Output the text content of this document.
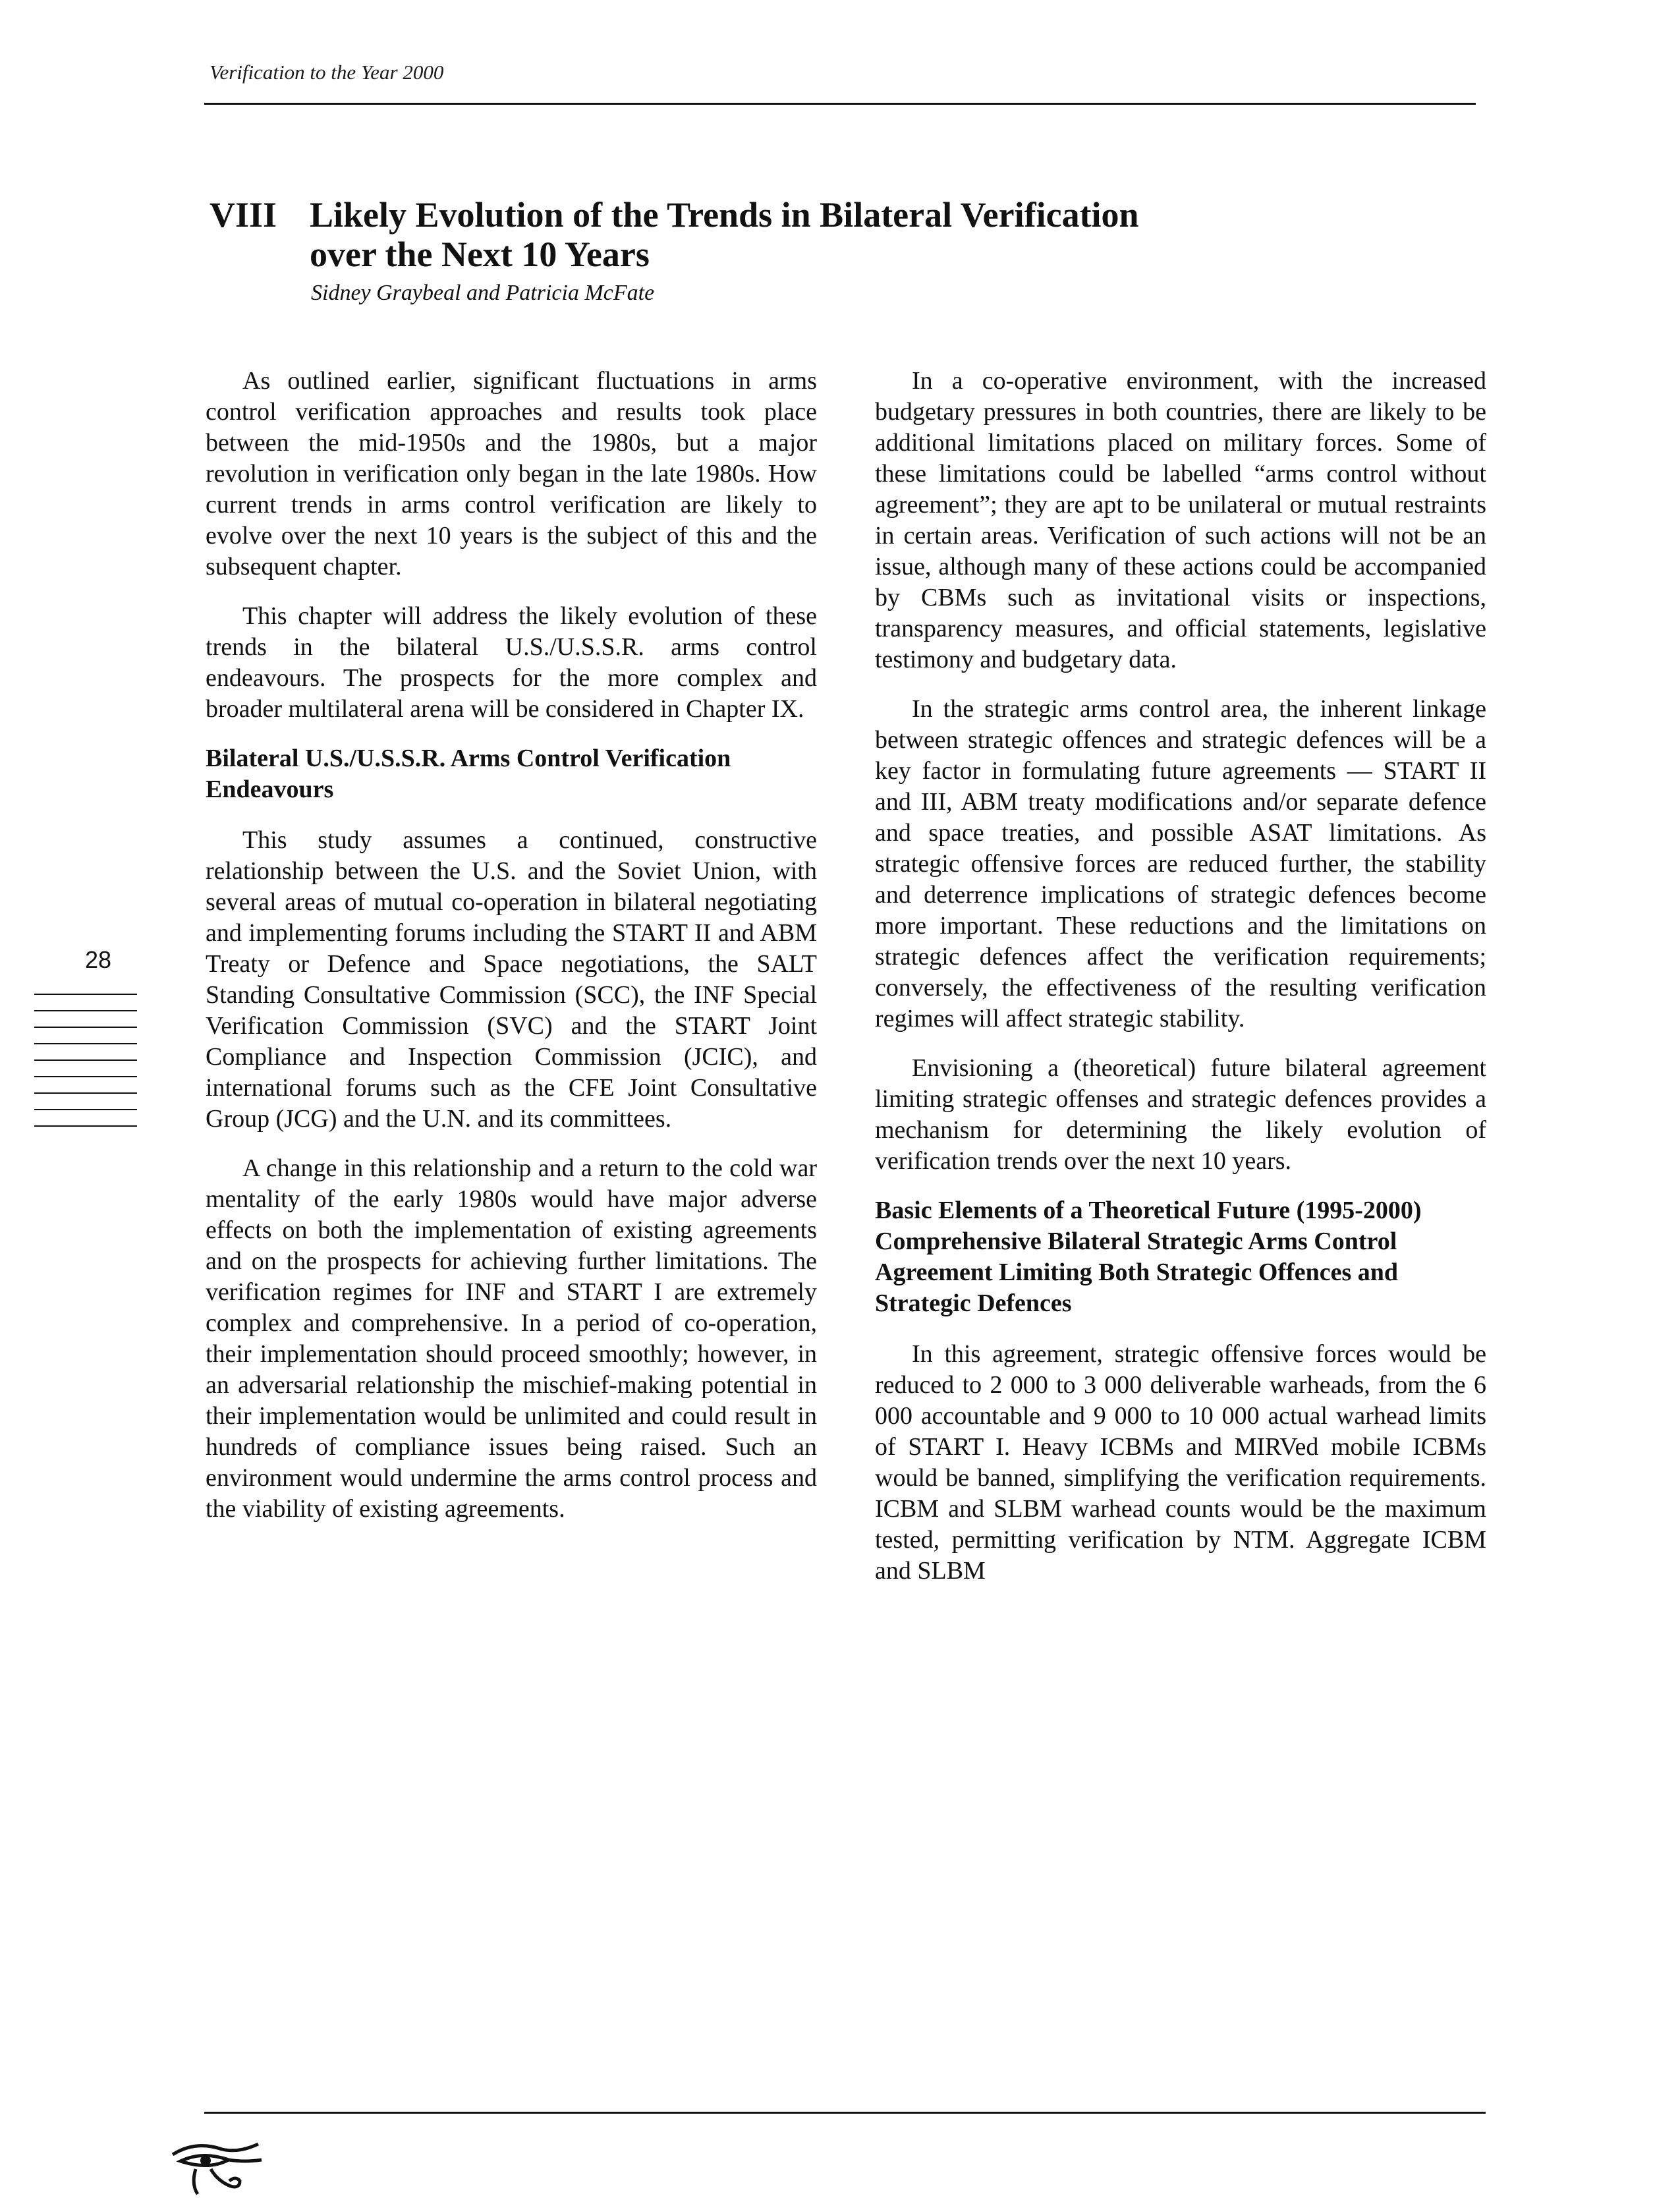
Verification to the Year 2000
VIII Likely Evolution of the Trends in Bilateral Verification
over the Next 10 Years
Sidney Graybeal and Patricia McFate

As outlined earlier, significant fluctuations in arms control verification approaches and results took place between the mid-1950s and the 1980s, but a major revolution in verification only began in the late 1980s. How current trends in arms control verification are likely to evolve over the next 10 years is the subject of this and the subsequent chapter.

This chapter will address the likely evolution of these trends in the bilateral U.S./U.S.S.R. arms control endeavours. The prospects for the more complex and broader multilateral arena will be considered in Chapter IX.

Bilateral U.S./U.S.S.R. Arms Control Verification Endeavours

This study assumes a continued, constructive relationship between the U.S. and the Soviet Union, with several areas of mutual co-operation in bilateral negotiating and implementing forums including the START II and ABM Treaty or Defence and Space negotiations, the SALT Standing Consultative Commission (SCC), the INF Special Verification Commission (SVC) and the START Joint Compliance and Inspection Commission (JCIC), and international forums such as the CFE Joint Consultative Group (JCG) and the U.N. and its committees.

A change in this relationship and a return to the cold war mentality of the early 1980s would have major adverse effects on both the implementation of existing agreements and on the prospects for achieving further limitations. The verification regimes for INF and START I are extremely complex and comprehensive. In a period of co-operation, their implementation should proceed smoothly; however, in an adversarial relationship the mischief-making potential in their implementation would be unlimited and could result in hundreds of compliance issues being raised. Such an environment would undermine the arms control process and the viability of existing agreements.

In a co-operative environment, with the increased budgetary pressures in both countries, there are likely to be additional limitations placed on military forces. Some of these limitations could be labelled “arms control without agreement”; they are apt to be unilateral or mutual restraints in certain areas. Verification of such actions will not be an issue, although many of these actions could be accompanied by CBMs such as invitational visits or inspections, transparency measures, and official statements, legislative testimony and budgetary data.

In the strategic arms control area, the inherent linkage between strategic offences and strategic defences will be a key factor in formulating future agreements — START II and III, ABM treaty modifications and/or separate defence and space treaties, and possible ASAT limitations. As strategic offensive forces are reduced further, the stability and deterrence implications of strategic defences become more important. These reductions and the limitations on strategic defences affect the verification requirements; conversely, the effectiveness of the resulting verification regimes will affect strategic stability.

Envisioning a (theoretical) future bilateral agreement limiting strategic offenses and strategic defences provides a mechanism for determining the likely evolution of verification trends over the next 10 years.

Basic Elements of a Theoretical Future (1995-2000) Comprehensive Bilateral Strategic Arms Control Agreement Limiting Both Strategic Offences and Strategic Defences

In this agreement, strategic offensive forces would be reduced to 2 000 to 3 000 deliverable warheads, from the 6 000 accountable and 9 000 to 10 000 actual warhead limits of START I. Heavy ICBMs and MIRVed mobile ICBMs would be banned, simplifying the verification requirements. ICBM and SLBM warhead counts would be the maximum tested, permitting verification by NTM. Aggregate ICBM and SLBM

28
